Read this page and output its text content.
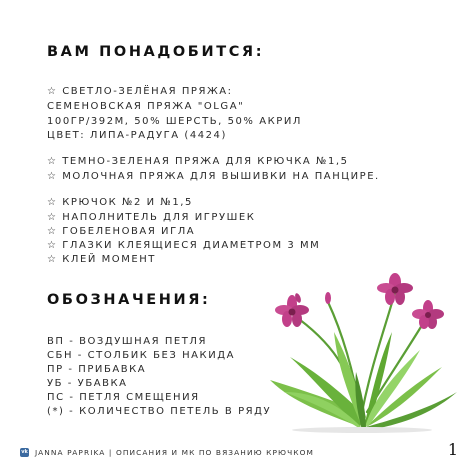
ВАМ ПОНАДОБИТСЯ:
☆ СВЕТЛО-ЗЕЛЁНАЯ ПРЯЖА:
СЕМЕНОВСКАЯ ПРЯЖА "OLGA"
100ГР/392М, 50% ШЕРСТЬ, 50% АКРИЛ
ЦВЕТ: ЛИПА-РАДУГА (4424)
☆ ТЕМНО-ЗЕЛЕНАЯ ПРЯЖА ДЛЯ КРЮЧКА №1,5
☆ МОЛОЧНАЯ ПРЯЖА ДЛЯ ВЫШИВКИ НА ПАНЦИРЕ.
☆ КРЮЧОК №2 И №1,5
☆ НАПОЛНИТЕЛЬ ДЛЯ ИГРУШЕК
☆ ГОБЕЛЕНОВАЯ ИГЛА
☆ ГЛАЗКИ КЛЕЯЩИЕСЯ ДИАМЕТРОМ 3 ММ
☆ КЛЕЙ МОМЕНТ
ОБОЗНАЧЕНИЯ:
ВП - ВОЗДУШНАЯ ПЕТЛЯ
СБН - СТОЛБИК БЕЗ НАКИДА
ПР - ПРИБАВКА
УБ - УБАВКА
ПС - ПЕТЛЯ СМЕЩЕНИЯ
(*) - КОЛИЧЕСТВО ПЕТЕЛЬ В РЯДУ
vk JANNA PAPRIKA | ОПИСАНИЯ И МК ПО ВЯЗАНИЮ КРЮЧКОМ	1
